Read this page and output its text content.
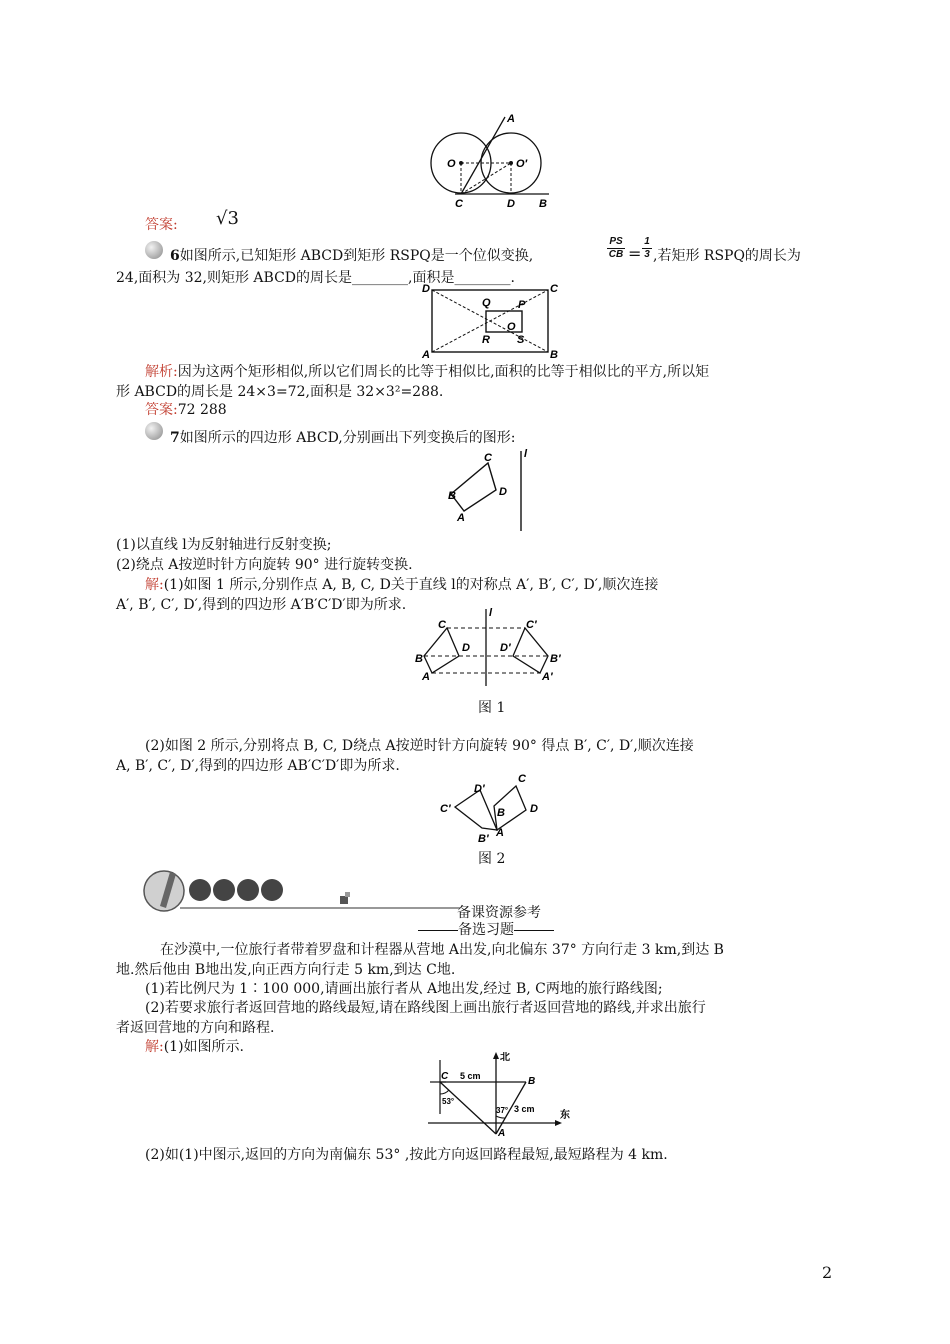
A
O	O′
C	D B
答案: √3
6如图所示,已知矩形 ABCD到矩形 RSPQ是一个位似变换,	$\frac{PS}{CB} = \frac{1}{3}$ ,若矩形 RSPQ的周长为
24,面积为 32,则矩形 ABCD的周长是________,面积是________.
D	C
Q P
O
R S
A	B
解析:因为这两个矩形相似,所以它们周长的比等于相似比,面积的比等于相似比的平方,所以矩
形 ABCD的周长是 24×3=72,面积是 32×3²=288.
答案:72 288
7如图所示的四边形 ABCD,分别画出下列变换后的图形:
C
B	D
A
l
(1)以直线 l为反射轴进行反射变换;
(2)绕点 A按逆时针方向旋转 90° 进行旋转变换.
解:(1)如图 1 所示,分别作点 A, B, C, D关于直线 l的对称点 A′, B′, C′, D′,顺次连接
A′, B′, C′, D′,得到的四边形 A′B′C′D′即为所求.	l
C	C′
D	D′
B	B′
A	A′
图 1
(2)如图 2 所示,分别将点 B, C, D绕点 A按逆时针方向旋转 90° 得点 B′, C′, D′,顺次连接
A, B′, C′, D′,得到的四边形 AB′C′D′即为所求.
C
D′
C′	B D
B′ A
图 2
备课资源参考
备选习题
在沙漠中,一位旅行者带着罗盘和计程器从营地 A出发,向北偏东 37° 方向行走 3 km,到达 B
地.然后他由 B地出发,向正西方向行走 5 km,到达 C地.
(1)若比例尺为 1∶100 000,请画出旅行者从 A地出发,经过 B, C两地的旅行路线图;
(2)若要求旅行者返回营地的路线最短,请在路线图上画出旅行者返回营地的路线,并求出旅行
者返回营地的方向和路程.
解:(1)如图所示.
北
东
C	B
A
5 cm
3 cm
37°
53°
(2)如(1)中图示,返回的方向为南偏东 53° ,按此方向返回路程最短,最短路程为 4 km.
2
